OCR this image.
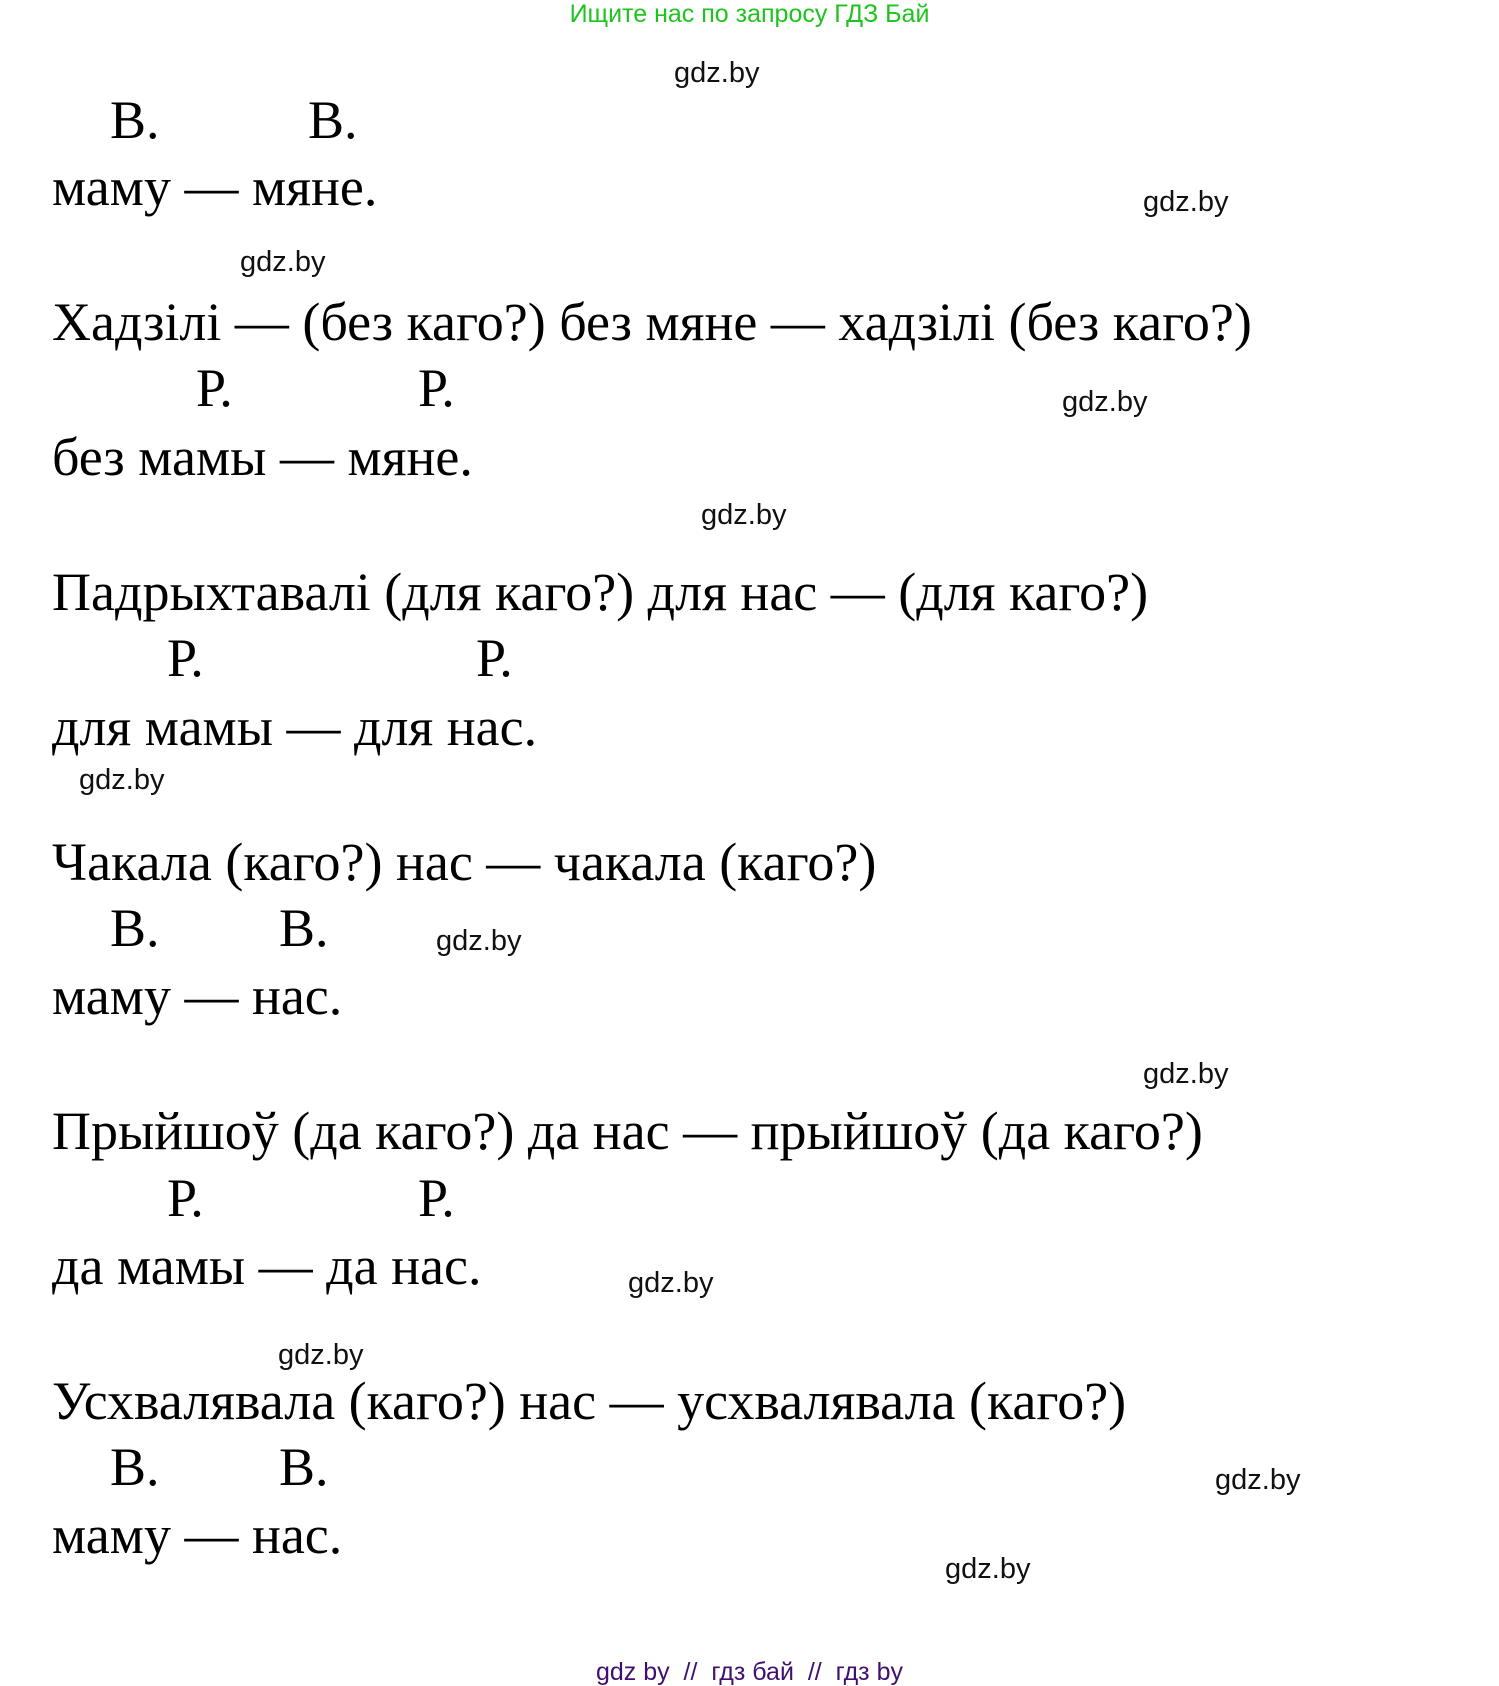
Ищите нас по запросу ГДЗ Бай
gdz.by
gdz.by
gdz.by
gdz.by
gdz.by
gdz.by
gdz.by
gdz.by
gdz.by
gdz.by
gdz.by
gdz.by
В.	В.
маму — мяне.
Хадзілі — (без каго?) без мяне — хадзілі (без каго?)
Р.	Р.
без мамы — мяне.
Падрыхтавалі (для каго?) для нас — (для каго?)
Р.	Р.
для мамы — для нас.
Чакала (каго?) нас — чакала (каго?)
В. В.
маму — нас.
Прыйшоў (да каго?) да нас — прыйшоў (да каго?)
Р.	Р.
да мамы — да нас.
Усхвалявала (каго?) нас — усхвалявала (каго?)
В. В.
маму — нас.
gdz by  //  гдз бай  //  гдз by
